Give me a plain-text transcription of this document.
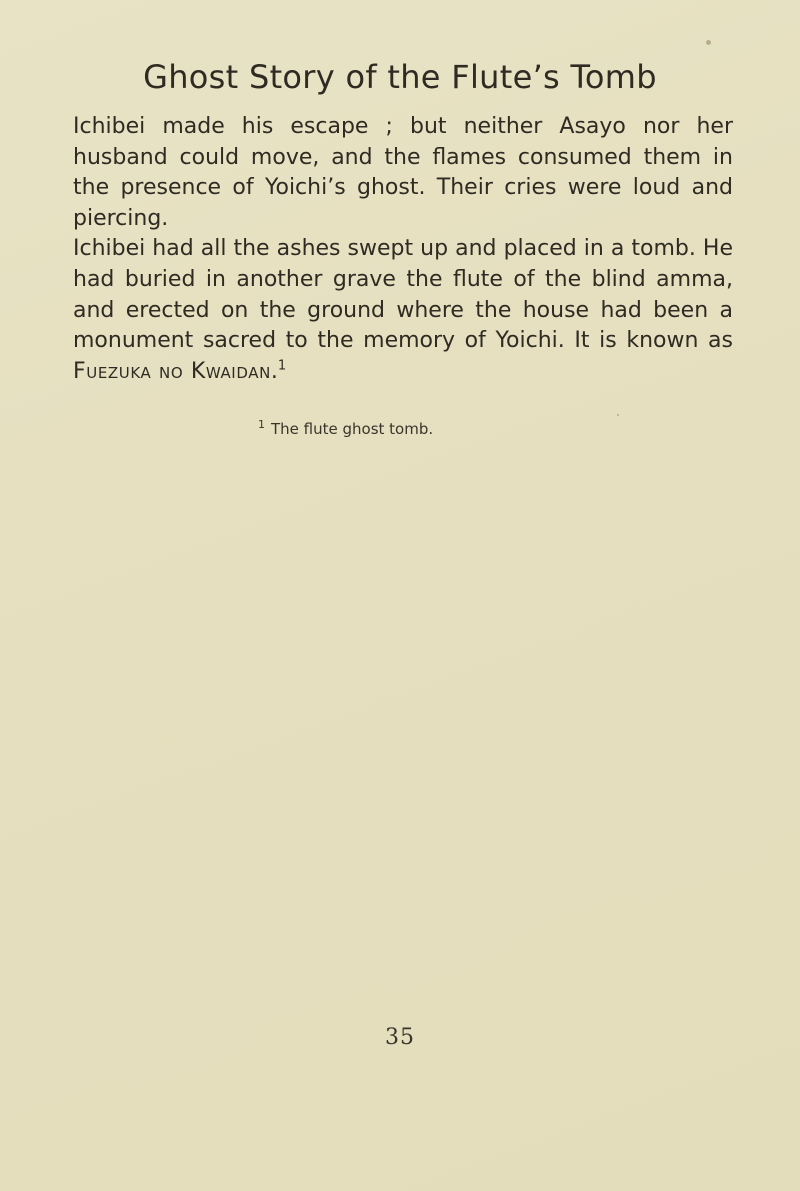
Ghost Story of the Flute’s Tomb

Ichibei made his escape ; but neither Asayo nor her husband could move, and the flames consumed them in the presence of Yoichi’s ghost. Their cries were loud and piercing.

Ichibei had all the ashes swept up and placed in a tomb. He had buried in another grave the flute of the blind amma, and erected on the ground where the house had been a monument sacred to the memory of Yoichi. It is known as Fuezuka no Kwaidan.$^1$

$^1$ The flute ghost tomb.
35
